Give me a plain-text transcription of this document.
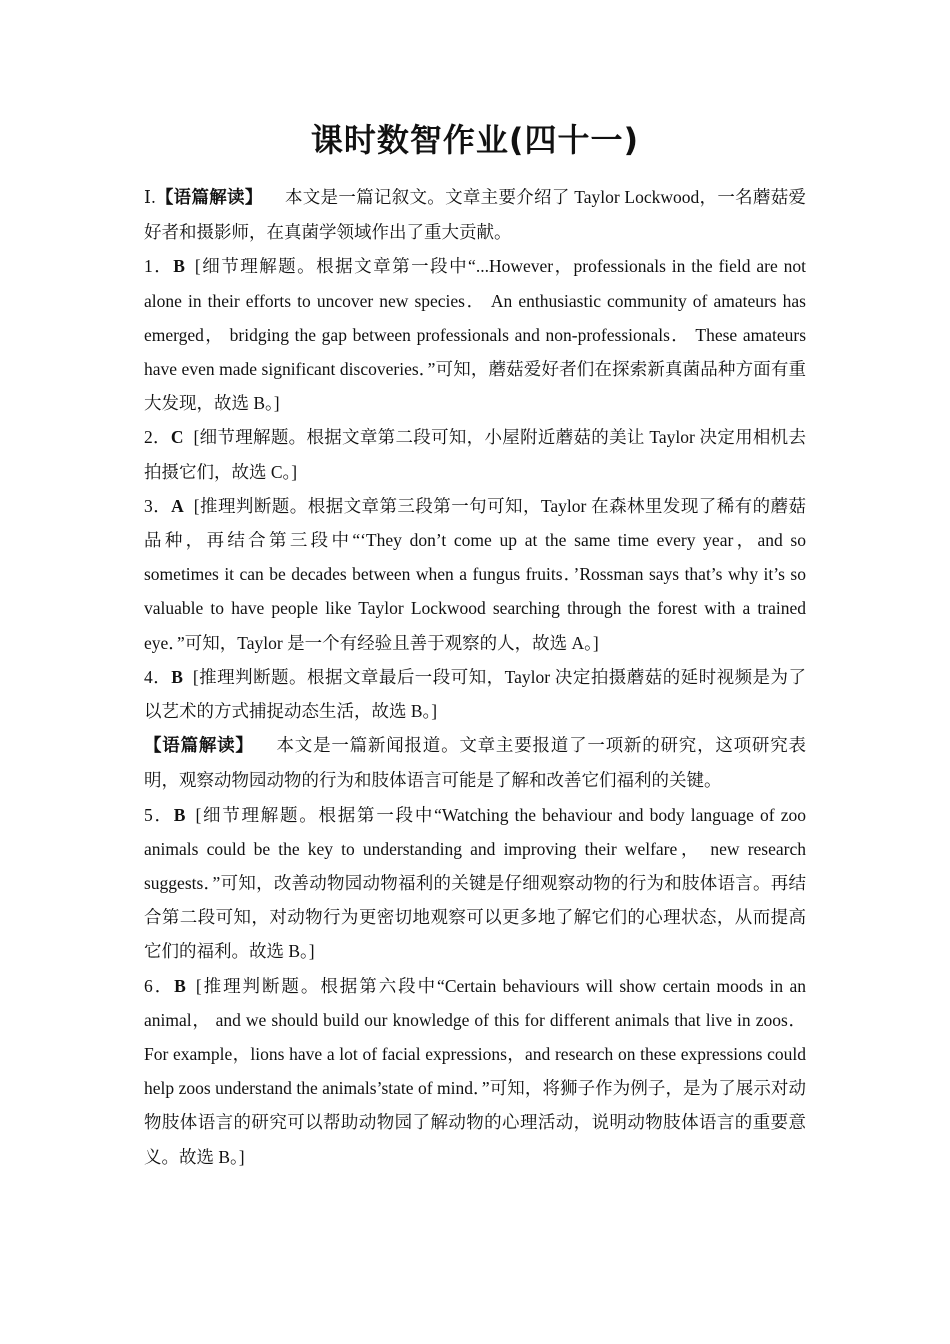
课时数智作业(四十一)

Ⅰ.【语篇解读】 本文是一篇记叙文。文章主要介绍了 Taylor Lockwood，一名蘑菇爱好者和摄影师，在真菌学领域作出了重大贡献。

1．B [细节理解题。根据文章第一段中“...However，professionals in the field are not alone in their efforts to uncover new species． An enthusiastic community of amateurs has emerged， bridging the gap between professionals and non-professionals． These amateurs have even made significant discoveries．”可知，蘑菇爱好者们在探索新真菌品种方面有重大发现，故选 B。]

2．C [细节理解题。根据文章第二段可知，小屋附近蘑菇的美让 Taylor 决定用相机去拍摄它们，故选 C。]

3．A [推理判断题。根据文章第三段第一句可知，Taylor 在森林里发现了稀有的蘑菇品种，再结合第三段中“‘They don’t come up at the same time every year，and so sometimes it can be decades between when a fungus fruits．’Rossman says that’s why it’s so valuable to have people like Taylor Lockwood searching through the forest with a trained eye．”可知，Taylor 是一个有经验且善于观察的人，故选 A。]

4．B [推理判断题。根据文章最后一段可知，Taylor 决定拍摄蘑菇的延时视频是为了以艺术的方式捕捉动态生活，故选 B。]

【语篇解读】 本文是一篇新闻报道。文章主要报道了一项新的研究，这项研究表明，观察动物园动物的行为和肢体语言可能是了解和改善它们福利的关键。

5．B [细节理解题。根据第一段中“Watching the behaviour and body language of zoo animals could be the key to understanding and improving their welfare， new research suggests．”可知，改善动物园动物福利的关键是仔细观察动物的行为和肢体语言。再结合第二段可知，对动物行为更密切地观察可以更多地了解它们的心理状态，从而提高它们的福利。故选 B。]

6．B [推理判断题。根据第六段中“Certain behaviours will show certain moods in an animal， and we should build our knowledge of this for different animals that live in zoos． For example，lions have a lot of facial expressions，and research on these expressions could help zoos understand the animals’state of mind．”可知，将狮子作为例子，是为了展示对动物肢体语言的研究可以帮助动物园了解动物的心理活动，说明动物肢体语言的重要意义。故选 B。]
